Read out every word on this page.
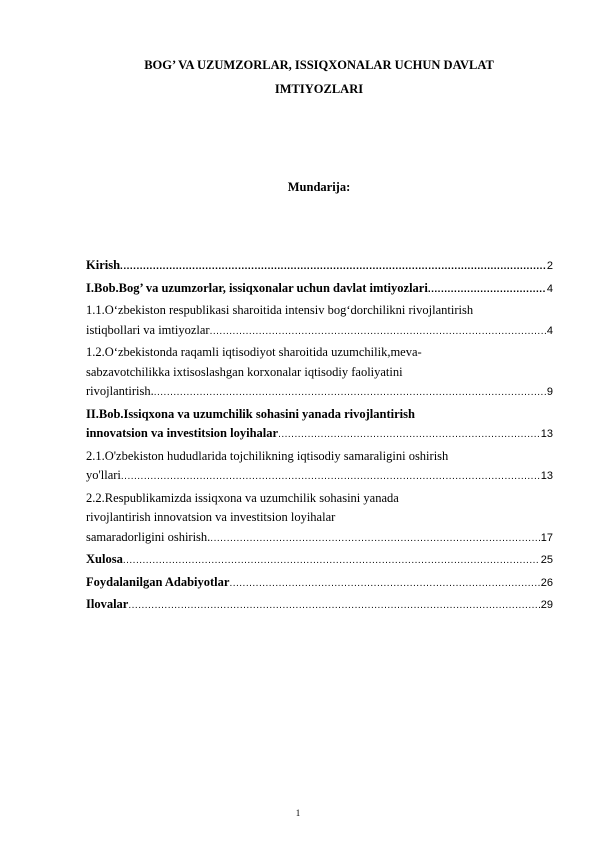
BOG’ VA UZUMZORLAR, ISSIQXONALAR UCHUN DAVLAT
IMTIYOZLARI
Mundarija:
Kirish .....	2
I.Bob.Bog’ va uzumzorlar, issiqxonalar uchun davlat imtiyozlari .....	4
1.1.O‘zbekiston respublikasi sharoitida intensiv bog‘dorchilikni rivojlantirish
istiqbollari va imtiyozlar .....	4
1.2.O‘zbekistonda raqamli iqtisodiyot sharoitida uzumchilik,meva-
sabzavotchilikka ixtisoslashgan korxonalar iqtisodiy faoliyatini
rivojlantirish. .....	9
II.Bob.Issiqxona va uzumchilik sohasini yanada rivojlantirish
innovatsion va investitsion loyihalar .....	13
2.1.O'zbekiston hududlarida tojchilikning iqtisodiy samaraligini oshirish
yo'llari .....	13
2.2.Respublikamizda issiqxona va uzumchilik sohasini yanada
rivojlantirish innovatsion va investitsion loyihalar
samaradorligini oshirish. .....	17
Xulosa .....	25
Foydalanilgan Adabiyotlar .....	26
Ilovalar .....	29
1
